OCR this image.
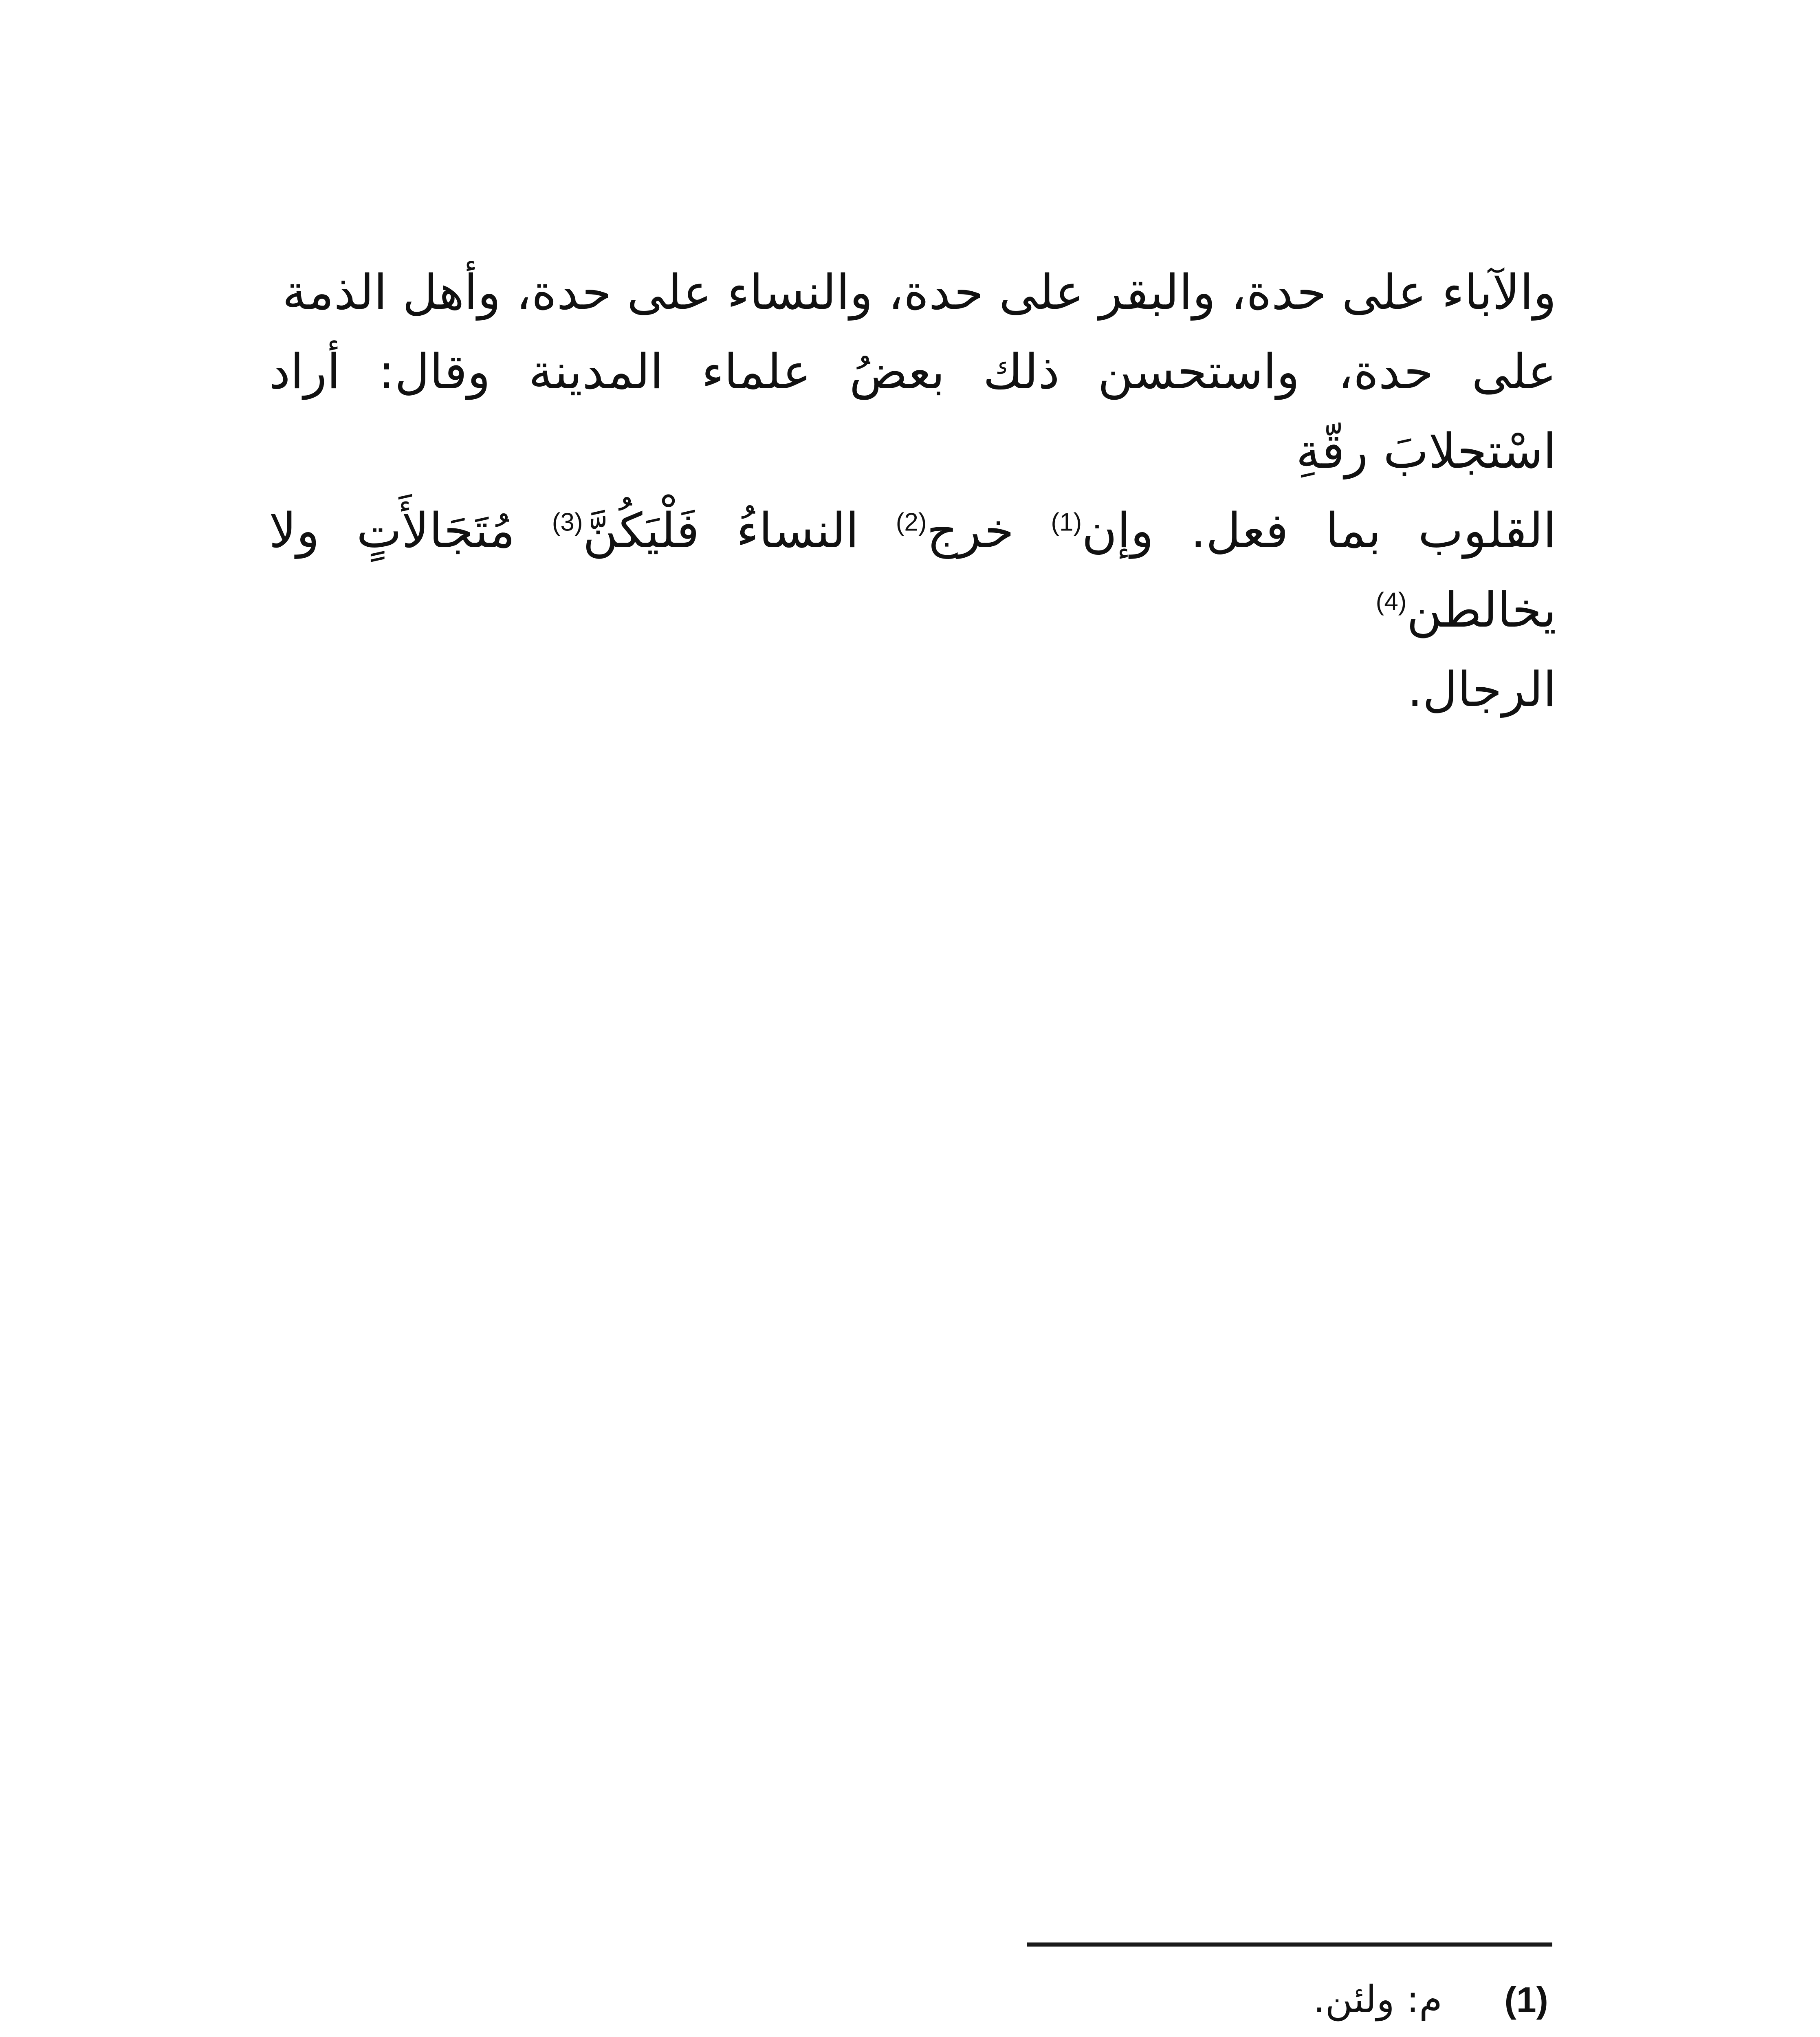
والآباء على حدة، والبقر على حدة، والنساء على حدة، وأهل الذمة

على حدة، واستحسن ذلك بعضُ علماء المدينة وقال: أراد اسْتجلابَ رقّةِ

القلوب بما فعل. وإن$^{(1)}$ خرج$^{(2)}$ النساءُ فَلْيَكُنَّ$^{(3)}$ مُتَجَالأَتٍ ولا يخالطن$^{(4)}$

الرجال.

(1)
م: ولئن.
